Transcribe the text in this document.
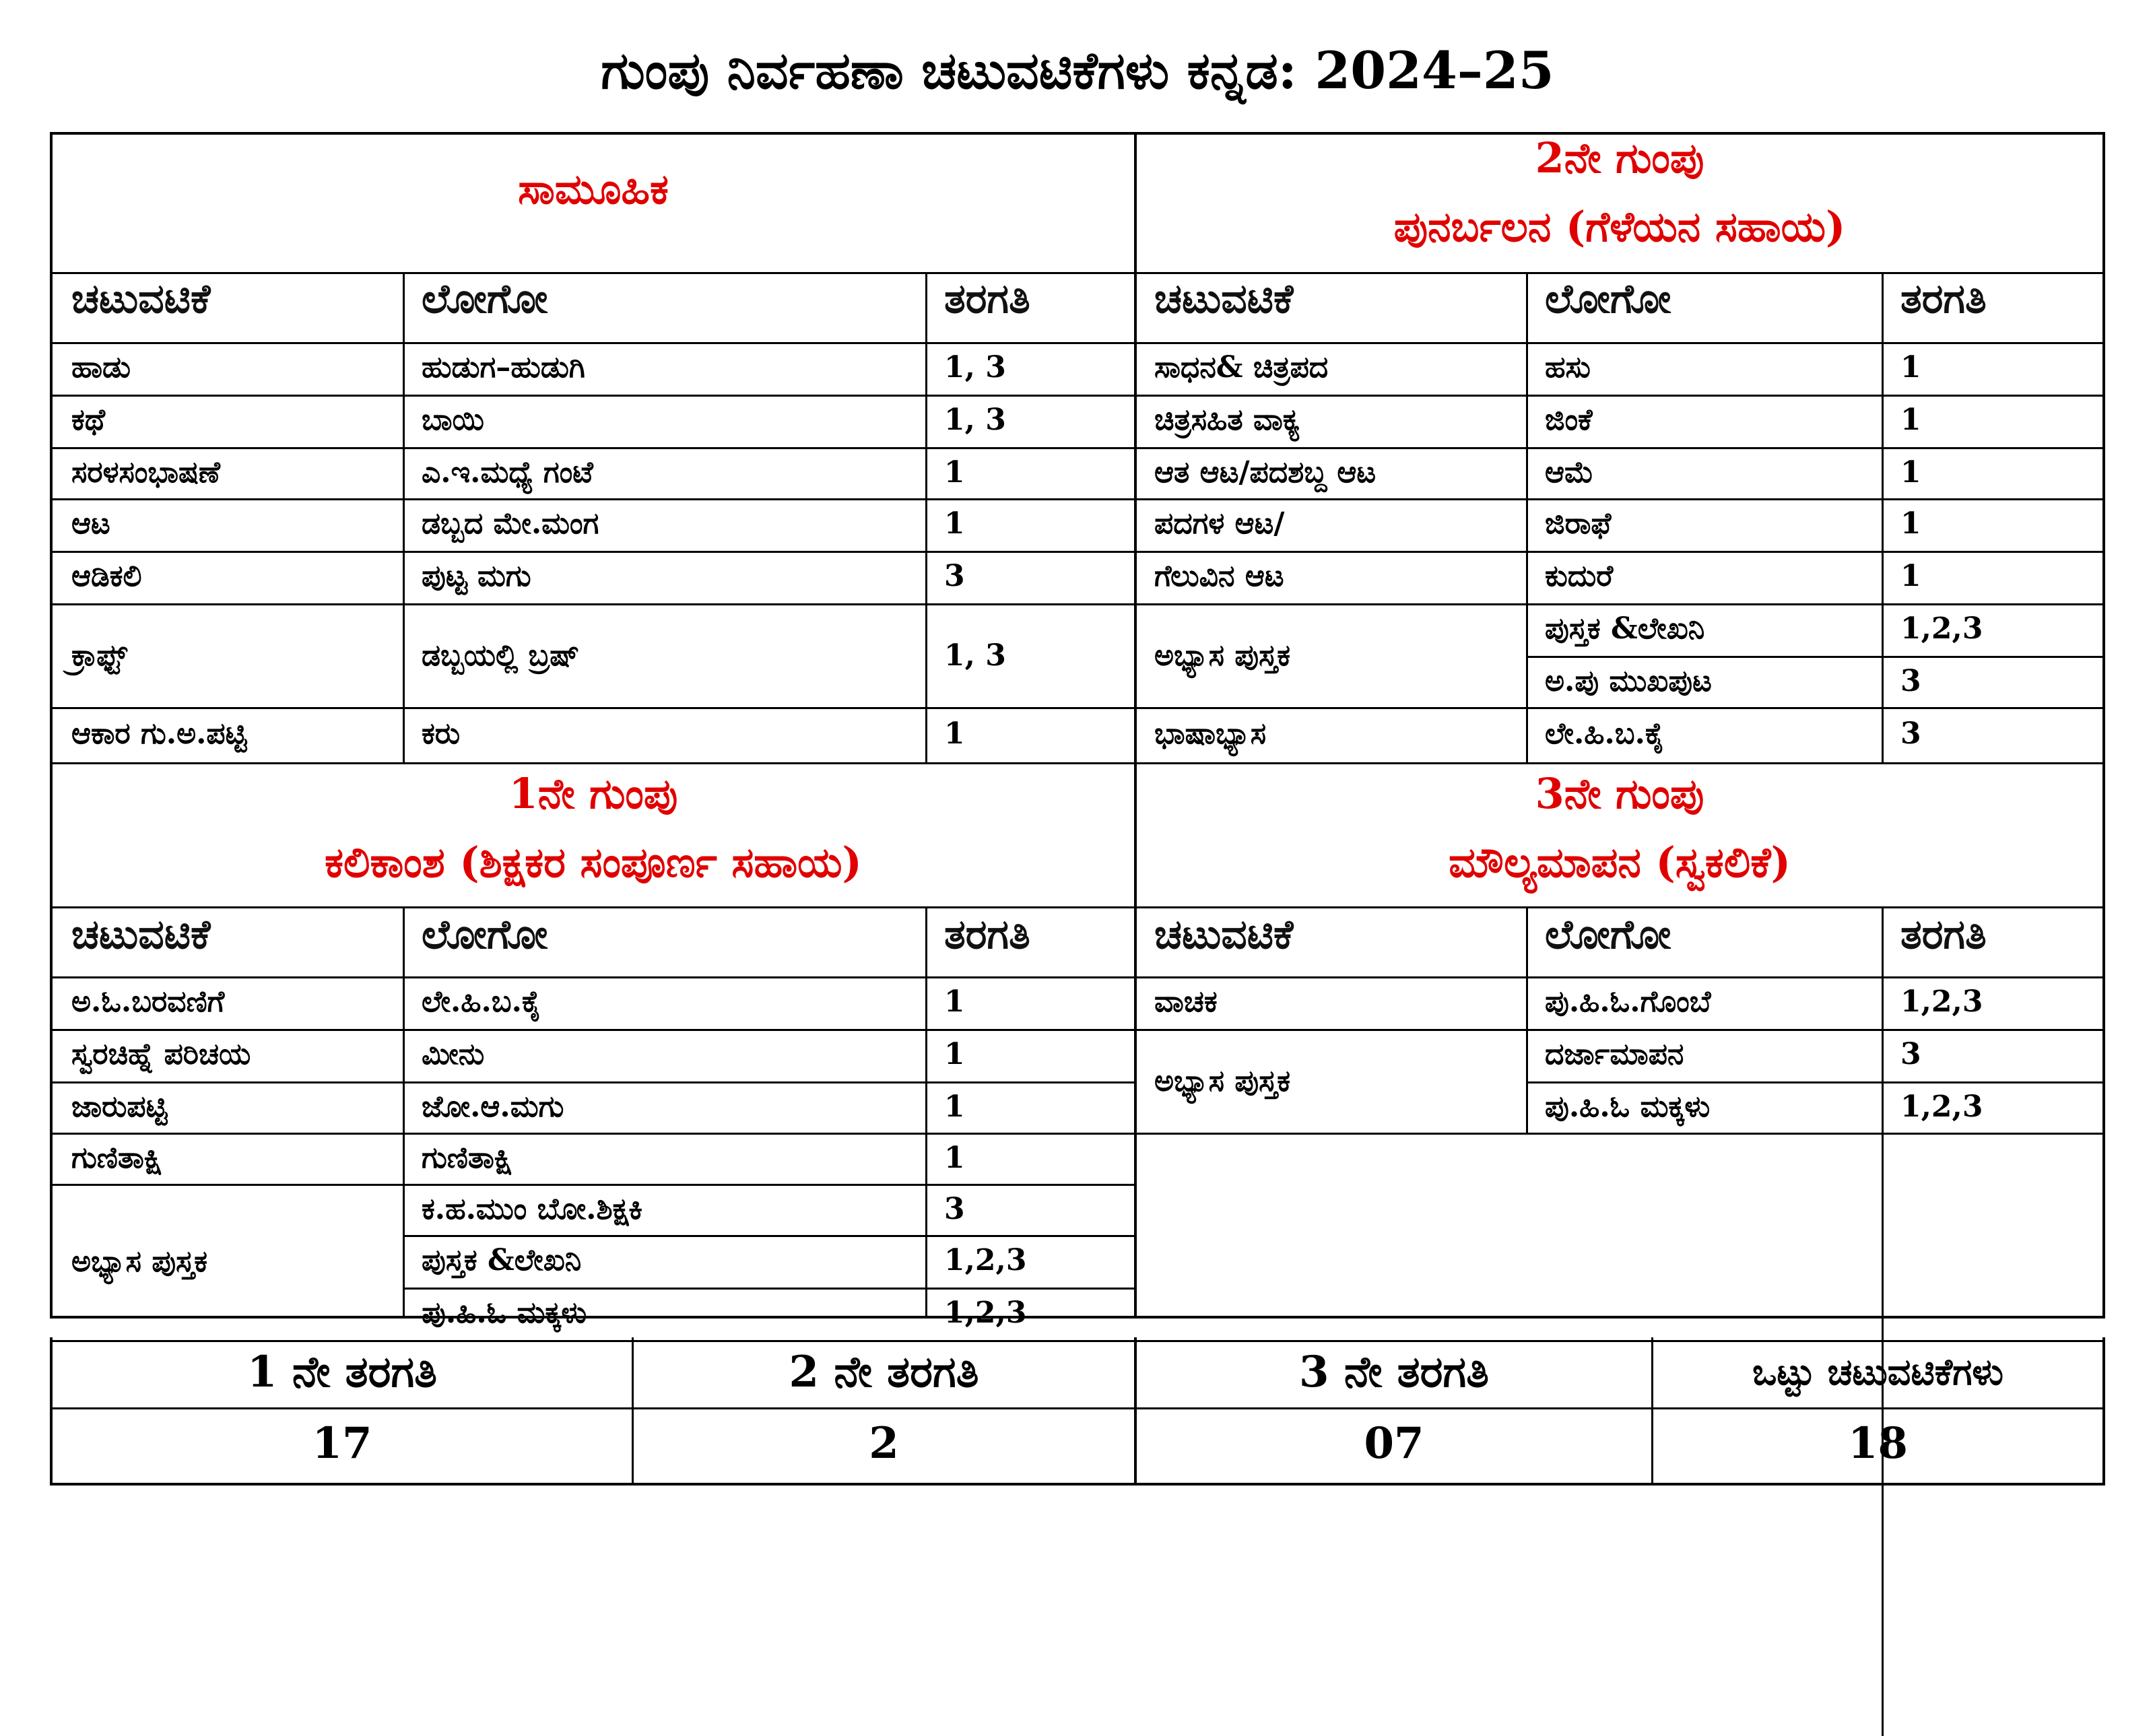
ಗುಂಪು ನಿರ್ವಹಣಾ ಚಟುವಟಿಕೆಗಳು ಕನ್ನಡ: 2024–25
ಸಾಮೂಹಿಕ
ಚಟುವಟಿಕೆ	ಲೋಗೋ	ತರಗತಿ
ಹಾಡು	ಹುಡುಗ–ಹುಡುಗಿ	1, 3
ಕಥೆ	ಬಾಯಿ	1, 3
ಸರಳಸಂಭಾಷಣೆ	ಎ.ಇ.ಮಧ್ಯೆ ಗಂಟೆ	1
ಆಟ	ಡಬ್ಬದ ಮೇ.ಮಂಗ	1
ಆಡಿಕಲಿ	ಪುಟ್ಟ ಮಗು	3
ಕ್ರಾಫ್ಟ್	ಡಬ್ಬಯಲ್ಲಿ ಬ್ರಷ್	1, 3
ಆಕಾರ ಗು.ಅ.ಪಟ್ಟಿ	ಕರು	1
2ನೇ ಗುಂಪು
ಪುನರ್ಬಲನ (ಗೆಳೆಯನ ಸಹಾಯ)
ಚಟುವಟಿಕೆ	ಲೋಗೋ	ತರಗತಿ
ಸಾಧನ& ಚಿತ್ರಪದ	ಹಸು	1
ಚಿತ್ರಸಹಿತ ವಾಕ್ಯ	ಜಿಂಕೆ	1
ಆತ ಆಟ/ಪದಶಬ್ದ ಆಟ	ಆಮೆ	1
ಪದಗಳ ಆಟ/	ಜಿರಾಫೆ	1
ಗೆಲುವಿನ ಆಟ	ಕುದುರೆ	1
ಅಭ್ಯಾಸ ಪುಸ್ತಕ
ಪುಸ್ತಕ &ಲೇಖನಿ	1,2,3
ಅ.ಪು ಮುಖಪುಟ	3
ಭಾಷಾಭ್ಯಾಸ	ಲೇ.ಹಿ.ಬ.ಕೈ	3
1ನೇ ಗುಂಪು
ಕಲಿಕಾಂಶ (ಶಿಕ್ಷಕರ ಸಂಪೂರ್ಣ ಸಹಾಯ)
ಚಟುವಟಿಕೆ	ಲೋಗೋ	ತರಗತಿ
ಅ.ಓ.ಬರವಣಿಗೆ	ಲೇ.ಹಿ.ಬ.ಕೈ	1
ಸ್ವರಚಿಹ್ನೆ ಪರಿಚಯ	ಮೀನು	1
ಜಾರುಪಟ್ಟಿ	ಜೋ.ಆ.ಮಗು	1
ಗುಣಿತಾಕ್ಷಿ	ಗುಣಿತಾಕ್ಷಿ	1
ಅಭ್ಯಾಸ ಪುಸ್ತಕ
ಕ.ಹ.ಮುಂ ಬೋ.ಶಿಕ್ಷಕಿ	3
ಪುಸ್ತಕ &ಲೇಖನಿ	1,2,3
ಪು.ಹಿ.ಓ ಮಕ್ಕಳು	1,2,3
3ನೇ ಗುಂಪು
ಮೌಲ್ಯಮಾಪನ (ಸ್ವಕಲಿಕೆ)
ಚಟುವಟಿಕೆ	ಲೋಗೋ	ತರಗತಿ
ವಾಚಕ	ಪು.ಹಿ.ಓ.ಗೊಂಬೆ	1,2,3
ಅಭ್ಯಾಸ ಪುಸ್ತಕ
ದರ್ಜಾಮಾಪನ	3
ಪು.ಹಿ.ಓ ಮಕ್ಕಳು	1,2,3
1 ನೇ ತರಗತಿ	2 ನೇ ತರಗತಿ	3 ನೇ ತರಗತಿ	ಒಟ್ಟು ಚಟುವಟಿಕೆಗಳು
17	2	07	18
